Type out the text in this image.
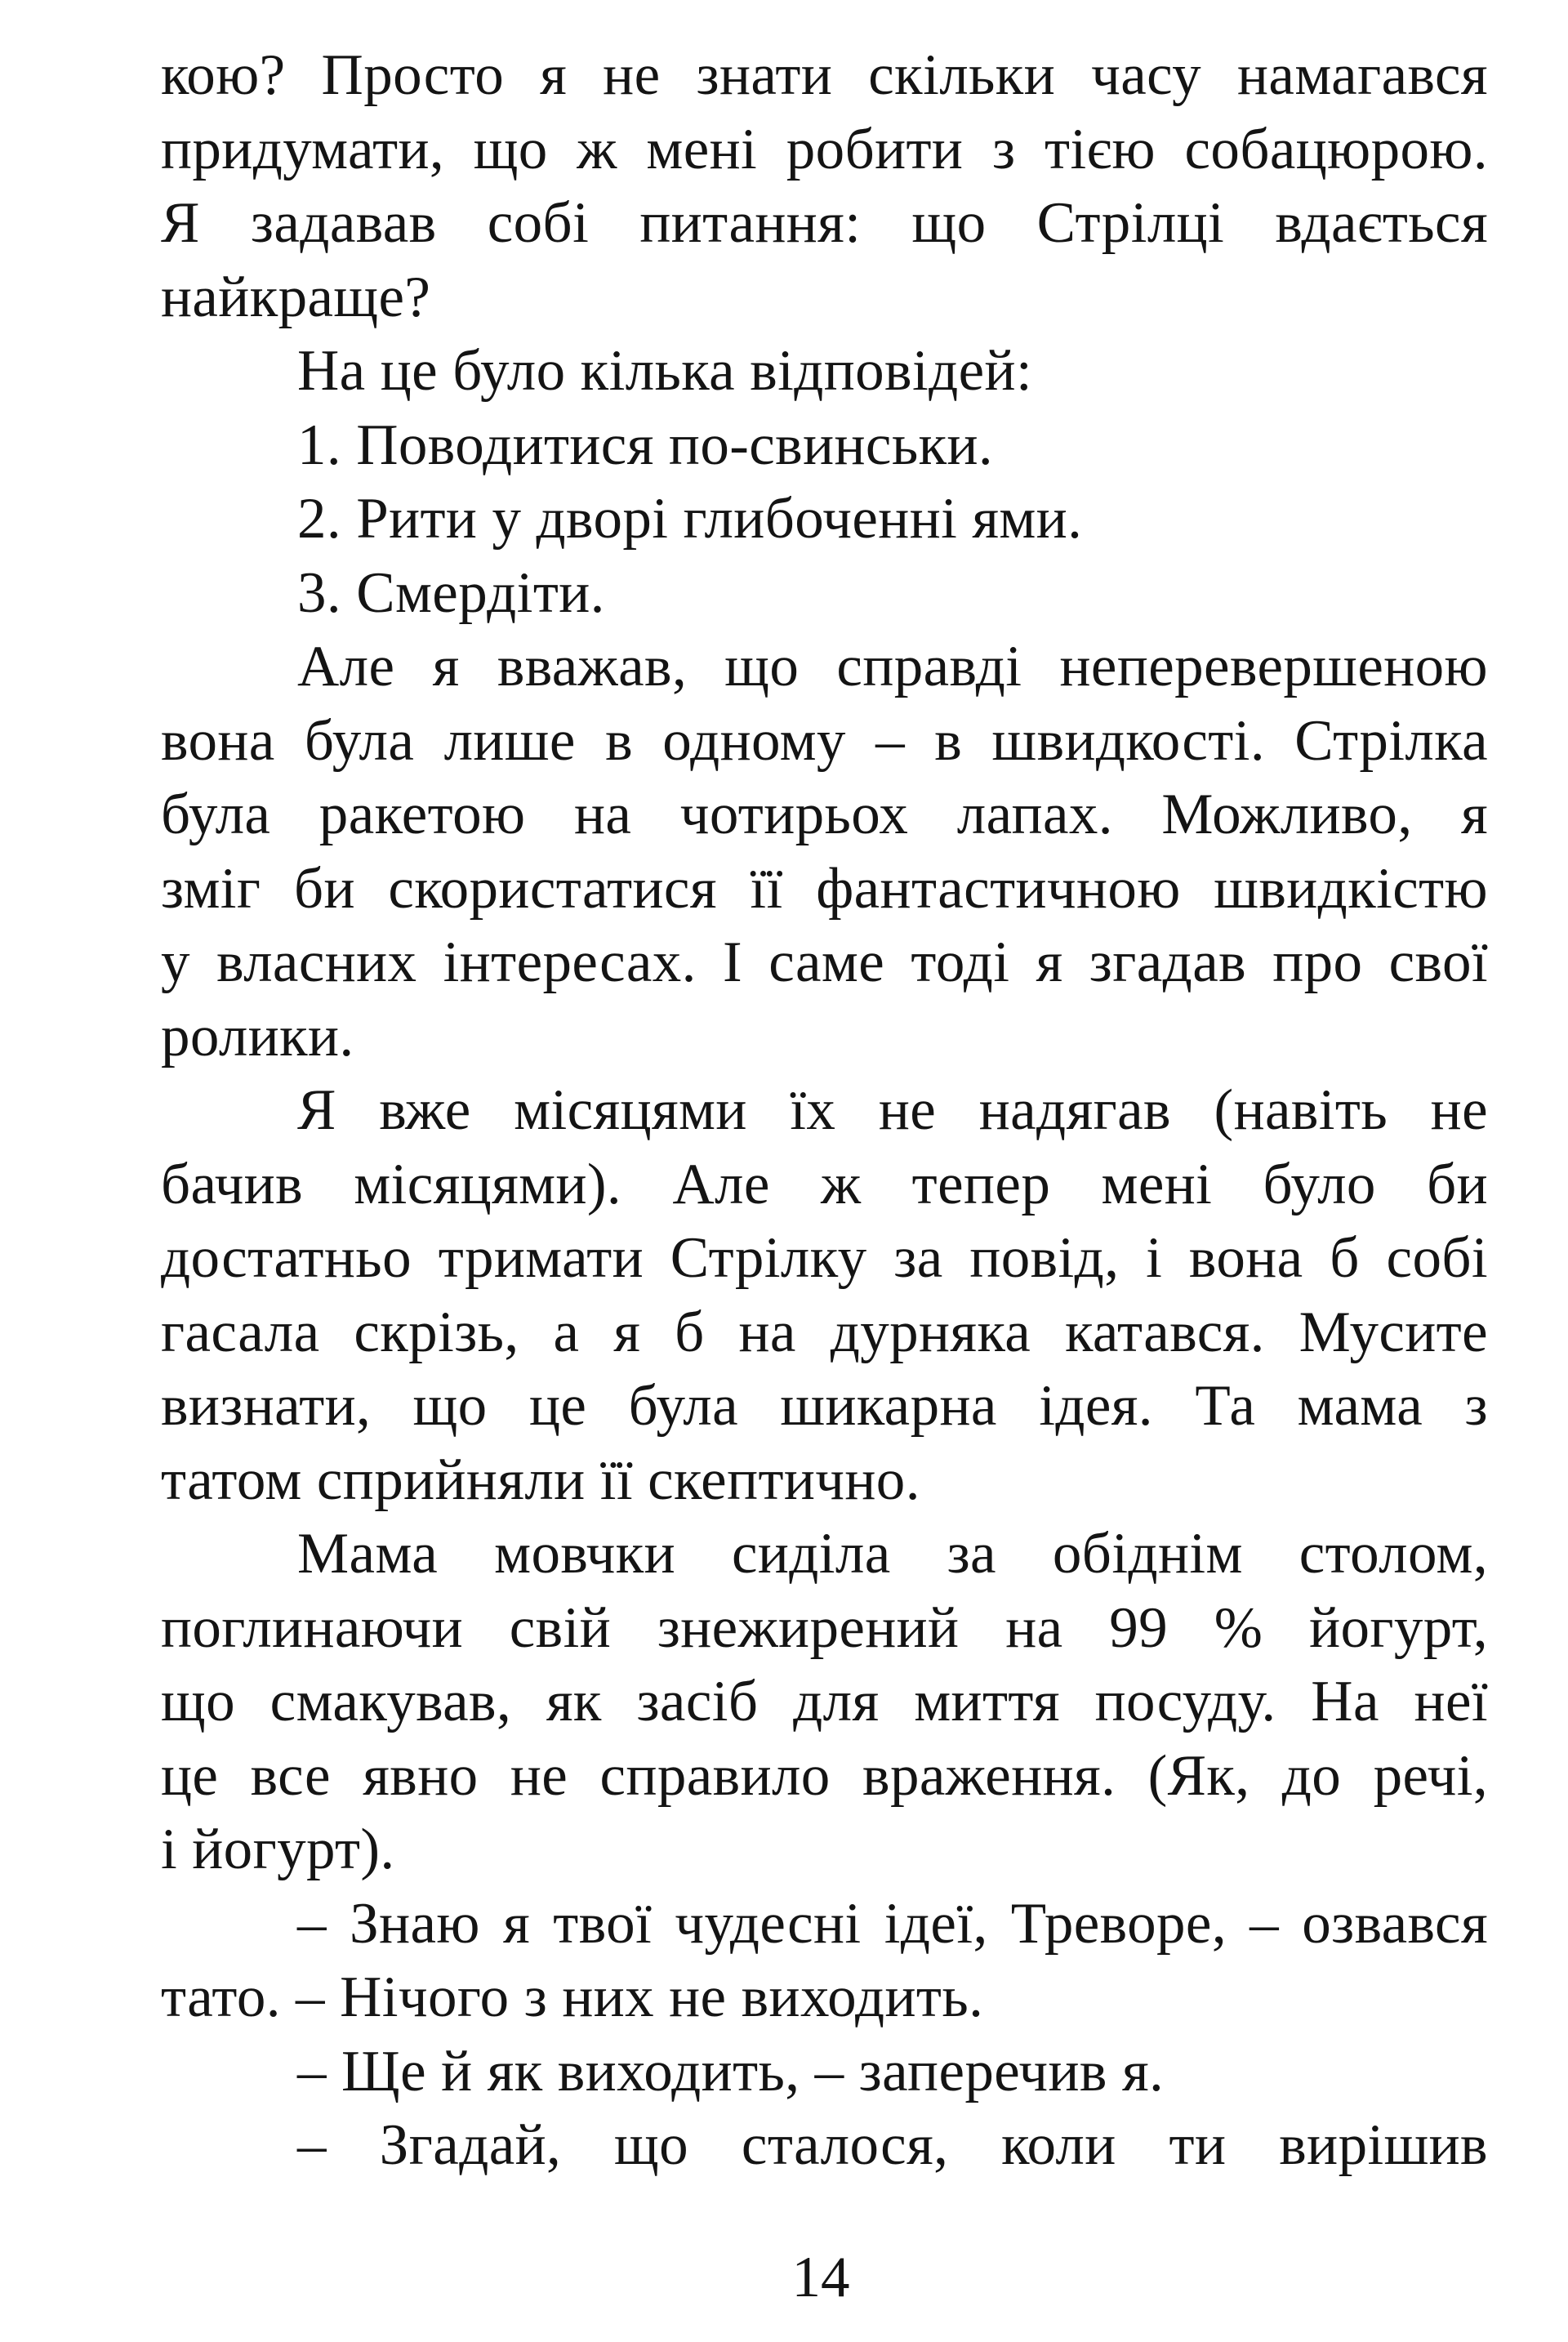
кою? Просто я не знати скільки часу намагався
придумати, що ж мені робити з тією собацюрою.
Я задавав собі питання: що Стрілці вдається
найкраще?
На це було кілька відповідей:
1. Поводитися по-свинськи.
2. Рити у дворі глибоченні ями.
3. Смердіти.
Але я вважав, що справді неперевершеною
вона була лише в одному – в швидкості. Стрілка
була ракетою на чотирьох лапах. Можливо, я
зміг би скористатися її фантастичною швидкістю
у власних інтересах. І саме тоді я згадав про свої
ролики.
Я вже місяцями їх не надягав (навіть не
бачив місяцями). Але ж тепер мені було би
достатньо тримати Стрілку за повід, і вона б собі
гасала скрізь, а я б на дурняка катався. Мусите
визнати, що це була шикарна ідея. Та мама з
татом сприйняли її скептично.
Мама мовчки сиділа за обіднім столом,
поглинаючи свій знежирений на 99 % йогурт,
що смакував, як засіб для миття посуду. На неї
це все явно не справило враження. (Як, до речі,
і йогурт).
– Знаю я твої чудесні ідеї, Треворе, – озвався
тато. – Нічого з них не виходить.
– Ще й як виходить, – заперечив я.
– Згадай, що сталося, коли ти вирішив
14
